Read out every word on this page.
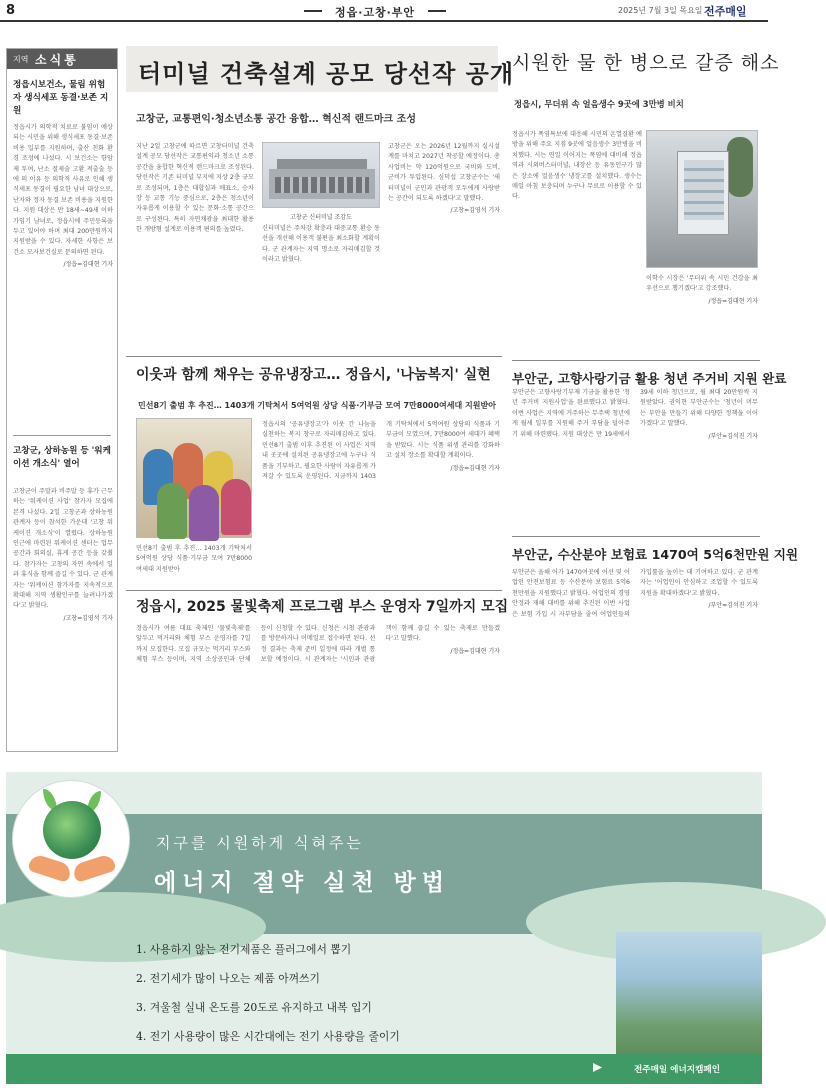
8	정읍·고창·부안	2025년 7월 3일 목요일 전주매일
지역 소식통
정읍시보건소, 물림 위험자 생식세포 동결·보존 지원
정읍시가 의학적 치료로 불임이 예상되는 시민을 위해 생식세포 동결·보존 비용 일부를 지원하며, 출산 친화 환경 조성에 나섰다. 시 보건소는 항암제 투여, 난소 절제술 고환 적출술 등에 의 이유 등 의학적 사유로 인해 생식세포 동결이 필요한 남녀 대상으로, 난자와 정자 동결 보존 비용을 지원한다. 지원 대상은 만 18세~49세 이하 가임기 남녀로, 정읍시에 주민등록을 두고 있어야 하며 최대 200만원까지 지원받을 수 있다. 자세한 사항은 보건소 모자보건실로 문의하면 된다.
/정읍=김대현 기자
고창군, 상하농원 등 '워케이션 개소식' 열어
고창군이 주말과 비주말 등 휴가 근무하는 '워케이션 사업' 참가자 모집에 본격 나섰다. 2일 고창군과 상하농원 관계자 등이 참석한 가운데 '고창 워케이션 개소식'이 열렸다. 상하농원 인근에 마련된 워케이션 센터는 업무 공간과 회의실, 휴게 공간 등을 갖췄다. 참가자는 고창의 자연 속에서 일과 휴식을 함께 즐길 수 있다. 군 관계자는 '워케이션 참가자를 지속적으로 확대해 지역 생활인구를 늘려나가겠다'고 밝혔다.
/고창=김영석 기자
터미널 건축설계 공모 당선작 공개
고창군, 교통편익·청소년소통 공간 융합… 혁신적 랜드마크 조성
지난 2일 고창군에 따르면 고창터미널 건축설계 공모 당선작은 교통편익과 청소년 소통 공간을 융합한 혁신적 랜드마크로 조성된다. 당선작은 기존 터미널 부지에 지상 2층 규모로 조성되며, 1층은 대합실과 매표소, 승차장 등 교통 기능 중심으로, 2층은 청소년이 자유롭게 이용할 수 있는 문화·소통 공간으로 구성된다. 특히 자연채광을 최대한 활용한 개방형 설계로 이용객 편의를 높였다.
고창군 신터미널 조감도
신터미널은 주차장 확충과 대중교통 환승 동선을 개선해 이용객 불편을 최소화할 계획이다. 군 관계자는 지역 명소로 자리매김할 것이라고 밝혔다.
고창군은 오는 2026년 12월까지 실시설계를 마치고 2027년 착공할 예정이다. 총사업비는 약 120억원으로 국비와 도비, 군비가 투입된다. 심덕섭 고창군수는 '새 터미널이 군민과 관광객 모두에게 사랑받는 공간이 되도록 하겠다'고 말했다.
/고창=김영석 기자
시원한 물 한 병으로 갈증 해소
정읍시, 무더위 속 얼음생수 9곳에 3만병 비치
정읍시가 폭염특보에 대응해 시민의 온열질환 예방을 위해 주요 지점 9곳에 얼음생수 3만병을 비치했다. 시는 연일 이어지는 폭염에 대비해 정읍역과 시외버스터미널, 내장산 등 유동인구가 많은 장소에 얼음생수 냉장고를 설치했다. 생수는 매일 아침 보충되며 누구나 무료로 이용할 수 있다.
이학수 시장은 '무더위 속 시민 건강을 최우선으로 챙기겠다'고 강조했다.
/정읍=김대현 기자
이웃과 함께 채우는 공유냉장고… 정읍시, '나눔복지' 실현
민선8기 출범 후 추진… 1403개 기탁처서 5여억원 상당 식품·기부금 모여 7만8000여세대 지원받아
정읍시의 '공유냉장고'가 이웃 간 나눔을 실천하는 복지 창구로 자리매김하고 있다. 민선8기 출범 이후 추진된 이 사업은 지역 내 곳곳에 설치된 공유냉장고에 누구나 식품을 기부하고, 필요한 사람이 자유롭게 가져갈 수 있도록 운영된다. 지금까지 1403개 기탁처에서 5억여원 상당의 식품과 기부금이 모였으며, 7만8000여 세대가 혜택을 받았다. 시는 식품 위생 관리를 강화하고 설치 장소를 확대할 계획이다.
/정읍=김대현 기자
민선8기 출범 후 추진… 1403개 기탁처서 5여억원 상당 식품·기부금 모여 7만8000여세대 지원받아
정읍시, 2025 물빛축제 프로그램 부스 운영자 7일까지 모집
정읍시가 여름 대표 축제인 '물빛축제'를 앞두고 먹거리와 체험 부스 운영자를 7일까지 모집한다. 모집 규모는 먹거리 부스와 체험 부스 등이며, 지역 소상공인과 단체 등이 신청할 수 있다. 신청은 시청 관광과를 방문하거나 이메일로 접수하면 된다. 선정 결과는 축제 준비 일정에 따라 개별 통보할 예정이다. 시 관계자는 '시민과 관광객이 함께 즐길 수 있는 축제로 만들겠다'고 말했다.
/정읍=김대현 기자
부안군, 고향사랑기금 활용 청년 주거비 지원 완료
부안군은 고향사랑기부제 기금을 활용한 '청년 주거비 지원사업'을 완료했다고 밝혔다. 이번 사업은 지역에 거주하는 무주택 청년에게 월세 일부를 지원해 주거 부담을 덜어주기 위해 마련됐다. 지원 대상은 만 19세에서 39세 이하 청년으로, 월 최대 20만원씩 지원받았다. 권익현 부안군수는 '청년이 머무는 부안을 만들기 위해 다양한 정책을 이어가겠다'고 말했다.
/부안=김석진 기자
부안군, 수산분야 보험료 1470여 5억6천만원 지원
부안군은 올해 어가 1470여곳에 어선 및 어업인 안전보험료 등 수산분야 보험료 5억6천만원을 지원했다고 밝혔다. 어업인의 경영 안정과 재해 대비를 위해 추진된 이번 사업은 보험 가입 시 자부담을 줄여 어업인들의 가입률을 높이는 데 기여하고 있다. 군 관계자는 '어업인이 안심하고 조업할 수 있도록 지원을 확대하겠다'고 밝혔다.
/부안=김석진 기자
지구를 시원하게 식혀주는
에너지 절약 실천 방법
1. 사용하지 않는 전기제품은 플러그에서 뽑기
2. 전기세가 많이 나오는 제품 아껴쓰기
3. 겨울철 실내 온도를 20도로 유지하고 내복 입기
4. 전기 사용량이 많은 시간대에는 전기 사용량을 줄이기
전주매일 에너지캠페인
